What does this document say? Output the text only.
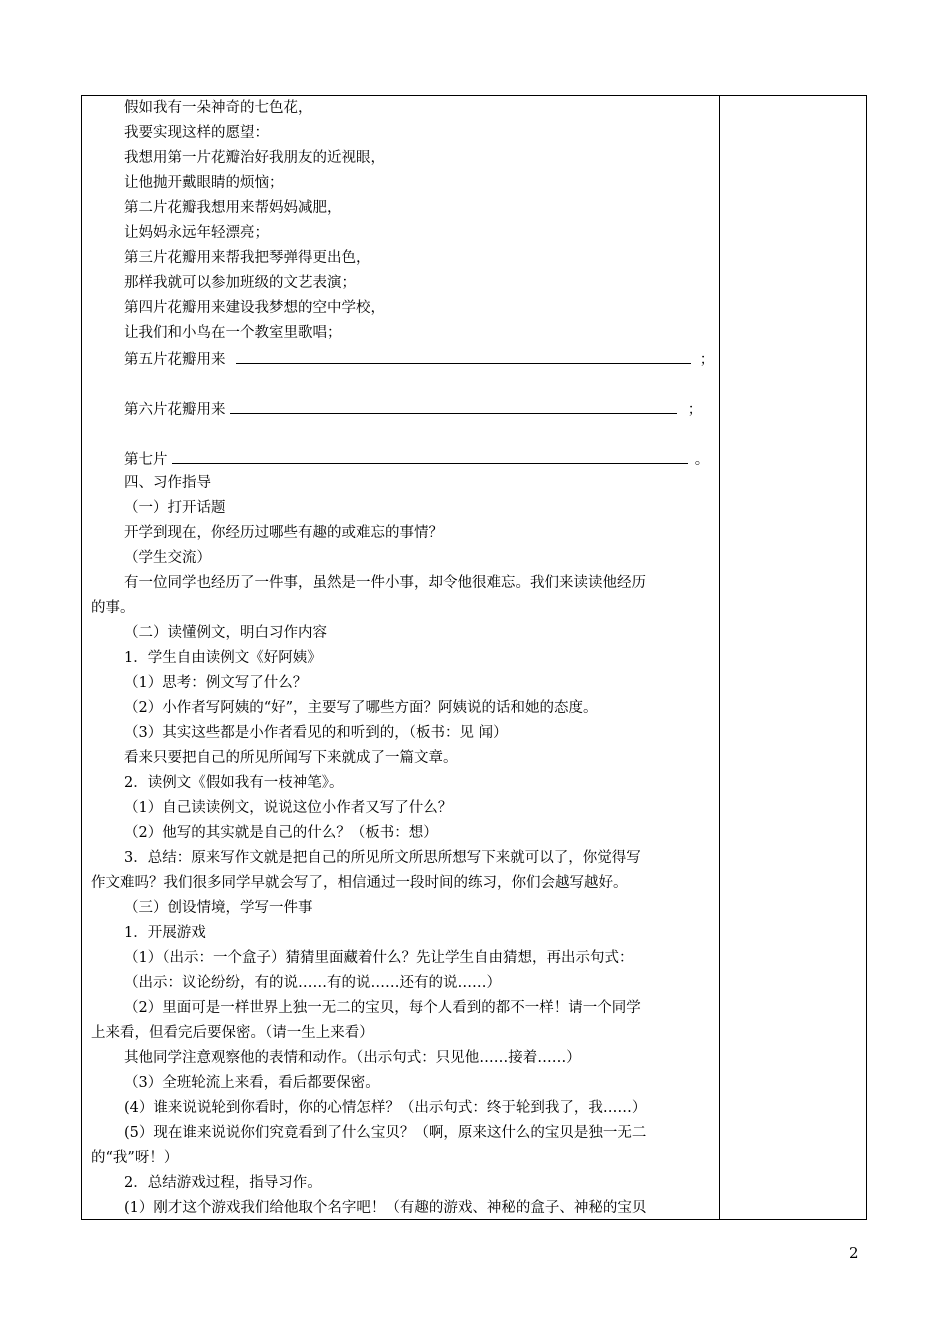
假如我有一朵神奇的七色花，
我要实现这样的愿望：
我想用第一片花瓣治好我朋友的近视眼，
让他抛开戴眼睛的烦恼；
第二片花瓣我想用来帮妈妈减肥，
让妈妈永远年轻漂亮；
第三片花瓣用来帮我把琴弹得更出色，
那样我就可以参加班级的文艺表演；
第四片花瓣用来建设我梦想的空中学校，
让我们和小鸟在一个教室里歌唱；
第五片花瓣用来	；
第六片花瓣用来	；
第七片	。
四、习作指导
（一）打开话题
开学到现在，你经历过哪些有趣的或难忘的事情？
（学生交流）
有一位同学也经历了一件事，虽然是一件小事，却令他很难忘。我们来读读他经历
的事。
（二）读懂例文，明白习作内容
1．学生自由读例文《好阿姨》
（1）思考：例文写了什么？
（2）小作者写阿姨的“好”，主要写了哪些方面？阿姨说的话和她的态度。
（3）其实这些都是小作者看见的和听到的，（板书：见 闻）
看来只要把自己的所见所闻写下来就成了一篇文章。
2．读例文《假如我有一枝神笔》。
（1）自己读读例文，说说这位小作者又写了什么？
（2）他写的其实就是自己的什么？（板书：想）
3．总结：原来写作文就是把自己的所见所文所思所想写下来就可以了，你觉得写
作文难吗？我们很多同学早就会写了，相信通过一段时间的练习，你们会越写越好。
（三）创设情境，学写一件事
1．开展游戏
（1）（出示：一个盒子）猜猜里面藏着什么？先让学生自由猜想，再出示句式：
（出示：议论纷纷，有的说……有的说……还有的说……）
（2）里面可是一样世界上独一无二的宝贝，每个人看到的都不一样！请一个同学
上来看，但看完后要保密。（请一生上来看）
其他同学注意观察他的表情和动作。（出示句式：只见他……接着……）
（3）全班轮流上来看，看后都要保密。
(4）谁来说说轮到你看时，你的心情怎样？（出示句式：终于轮到我了，我……）
(5）现在谁来说说你们究竟看到了什么宝贝？（啊，原来这什么的宝贝是独一无二
的“我”呀！）
2．总结游戏过程，指导习作。
(1）刚才这个游戏我们给他取个名字吧！（有趣的游戏、神秘的盒子、神秘的宝贝
2
